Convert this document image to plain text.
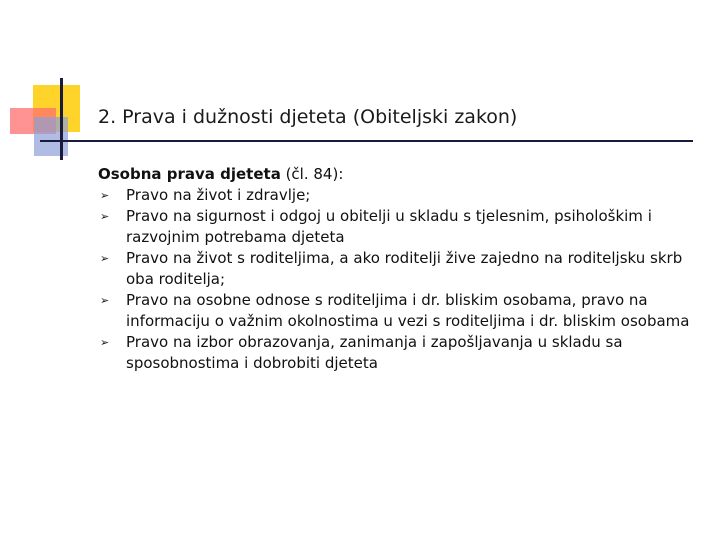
2. Prava i dužnosti djeteta (Obiteljski zakon)
Osobna prava djeteta (čl. 84):
➢ Pravo na život i zdravlje;
➢ Pravo na sigurnost i odgoj u obitelji u skladu s tjelesnim, psihološkim i razvojnim potrebama djeteta
➢ Pravo na život s roditeljima, a ako roditelji žive zajedno na roditeljsku skrb oba roditelja;
➢ Pravo na osobne odnose s roditeljima i dr. bliskim osobama, pravo na informaciju o važnim okolnostima u vezi s roditeljima i dr. bliskim osobama
➢ Pravo na izbor obrazovanja, zanimanja i zapošljavanja u skladu sa sposobnostima i dobrobiti djeteta
